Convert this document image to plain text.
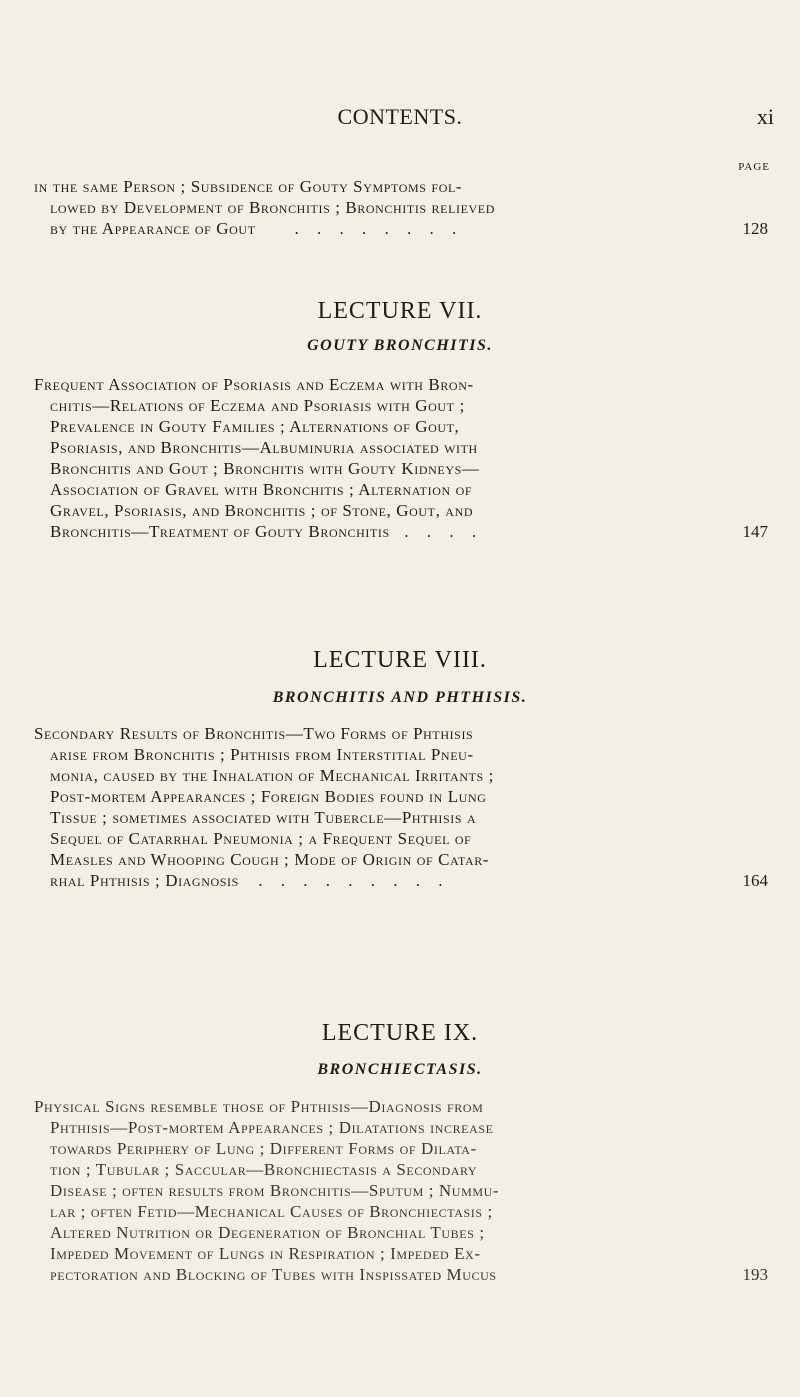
CONTENTS.	xi
PAGE
in the same Person ; Subsidence of Gouty Symptoms fol-
lowed by Development of Bronchitis ; Bronchitis relieved
by the Appearance of Gout . . . . . . . .	128
LECTURE VII.
GOUTY BRONCHITIS.
Frequent Association of Psoriasis and Eczema with Bron-
chitis—Relations of Eczema and Psoriasis with Gout ;
Prevalence in Gouty Families ; Alternations of Gout,
Psoriasis, and Bronchitis—Albuminuria associated with
Bronchitis and Gout ; Bronchitis with Gouty Kidneys—
Association of Gravel with Bronchitis ; Alternation of
Gravel, Psoriasis, and Bronchitis ; of Stone, Gout, and
Bronchitis—Treatment of Gouty Bronchitis . . . .	147
LECTURE VIII.
BRONCHITIS AND PHTHISIS.
Secondary Results of Bronchitis—Two Forms of Phthisis
arise from Bronchitis ; Phthisis from Interstitial Pneu-
monia, caused by the Inhalation of Mechanical Irritants ;
Post-mortem Appearances ; Foreign Bodies found in Lung
Tissue ; sometimes associated with Tubercle—Phthisis a
Sequel of Catarrhal Pneumonia ; a Frequent Sequel of
Measles and Whooping Cough ; Mode of Origin of Catar-
rhal Phthisis ; Diagnosis . . . . . . . . .	164
LECTURE IX.
BRONCHIECTASIS.
Physical Signs resemble those of Phthisis—Diagnosis from
Phthisis—Post-mortem Appearances ; Dilatations increase
towards Periphery of Lung ; Different Forms of Dilata-
tion ; Tubular ; Saccular—Bronchiectasis a Secondary
Disease ; often results from Bronchitis—Sputum ; Nummu-
lar ; often Fetid—Mechanical Causes of Bronchiectasis ;
Altered Nutrition or Degeneration of Bronchial Tubes ;
Impeded Movement of Lungs in Respiration ; Impeded Ex-
pectoration and Blocking of Tubes with Inspissated Mucus	193
